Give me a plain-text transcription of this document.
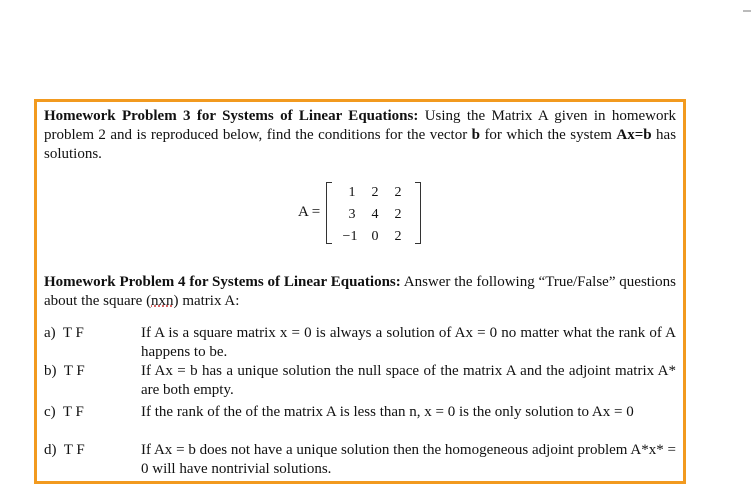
Homework Problem 3 for Systems of Linear Equations: Using the Matrix A given in homework problem 2 and is reproduced below, find the conditions for the vector b for which the system Ax=b has solutions.
A =
1	2	2
3	4	2
−1	0	2
Homework Problem 4 for Systems of Linear Equations: Answer the following “True/False” questions about the square (nxn) matrix A:
a) T F	If A is a square matrix x = 0 is always a solution of Ax = 0 no matter what the rank of A happens to be.
b) T F	If Ax = b has a unique solution the null space of the matrix A and the adjoint matrix A* are both empty.
c) T F	If the rank of the of the matrix A is less than n, x = 0 is the only solution to Ax = 0
d) T F	If Ax = b does not have a unique solution then the homogeneous adjoint problem A*x* = 0 will have nontrivial solutions.
